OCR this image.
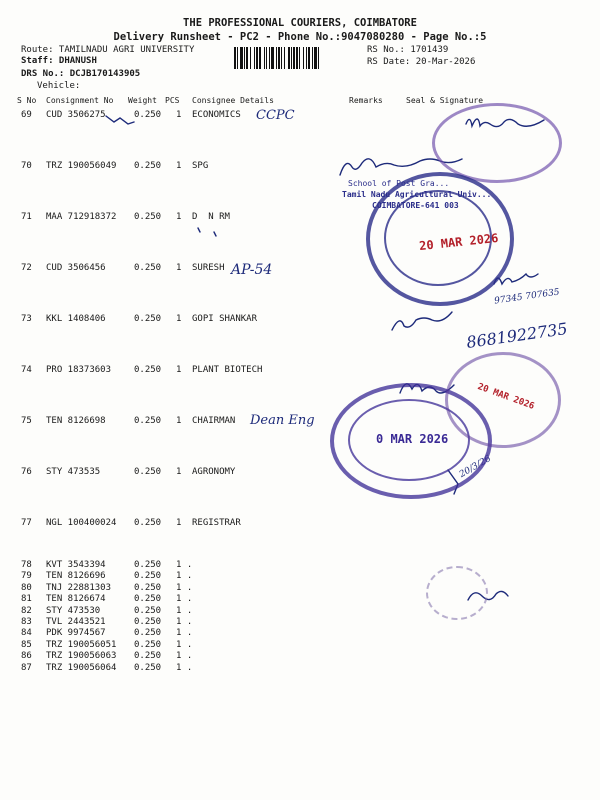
THE PROFESSIONAL COURIERS, COIMBATORE
Delivery Runsheet - PC2 - Phone No.:9047080280 - Page No.:5
Route: TAMILNADU AGRI UNIVERSITY
Staff: DHANUSH
DRS No.: DCJB170143905
Vehicle:
RS No.: 1701439
RS Date: 20-Mar-2026
S No Consignment No Weight PCS Consignee Details	Remarks	Seal & Signature
69 CUD 3506275	0.250 1 ECONOMICS
70 TRZ 190056049 0.250 1 SPG
71 MAA 712918372 0.250 1 D  N RM
72 CUD 3506456	0.250 1 SURESH
73 KKL 1408406	0.250 1 GOPI SHANKAR
74 PRO 18373603	0.250 1 PLANT BIOTECH
75 TEN 8126698	0.250 1 CHAIRMAN
76 STY 473535	0.250 1 AGRONOMY
77 NGL 100400024 0.250 1 REGISTRAR
78 KVT 3543394	0.250 1 .
79 TEN 8126696	0.250 1 .
80 TNJ 22881303	0.250 1 .
81 TEN 8126674	0.250 1 .
82 STY 473530	0.250 1 .
83 TVL 2443521	0.250 1 .
84 PDK 9974567	0.250 1 .
85 TRZ 190056051 0.250 1 .
86 TRZ 190056063 0.250 1 .
87 TRZ 190056064 0.250 1 .
CCPC
AP-54
Dean Eng
8681922735
97345 707635
20/3/26
20 MAR 2026
School of Post Gra...
Tamil Nadu Agricultural Univ...
COIMBATORE-641 003
0 MAR 2026
20 MAR 2026
